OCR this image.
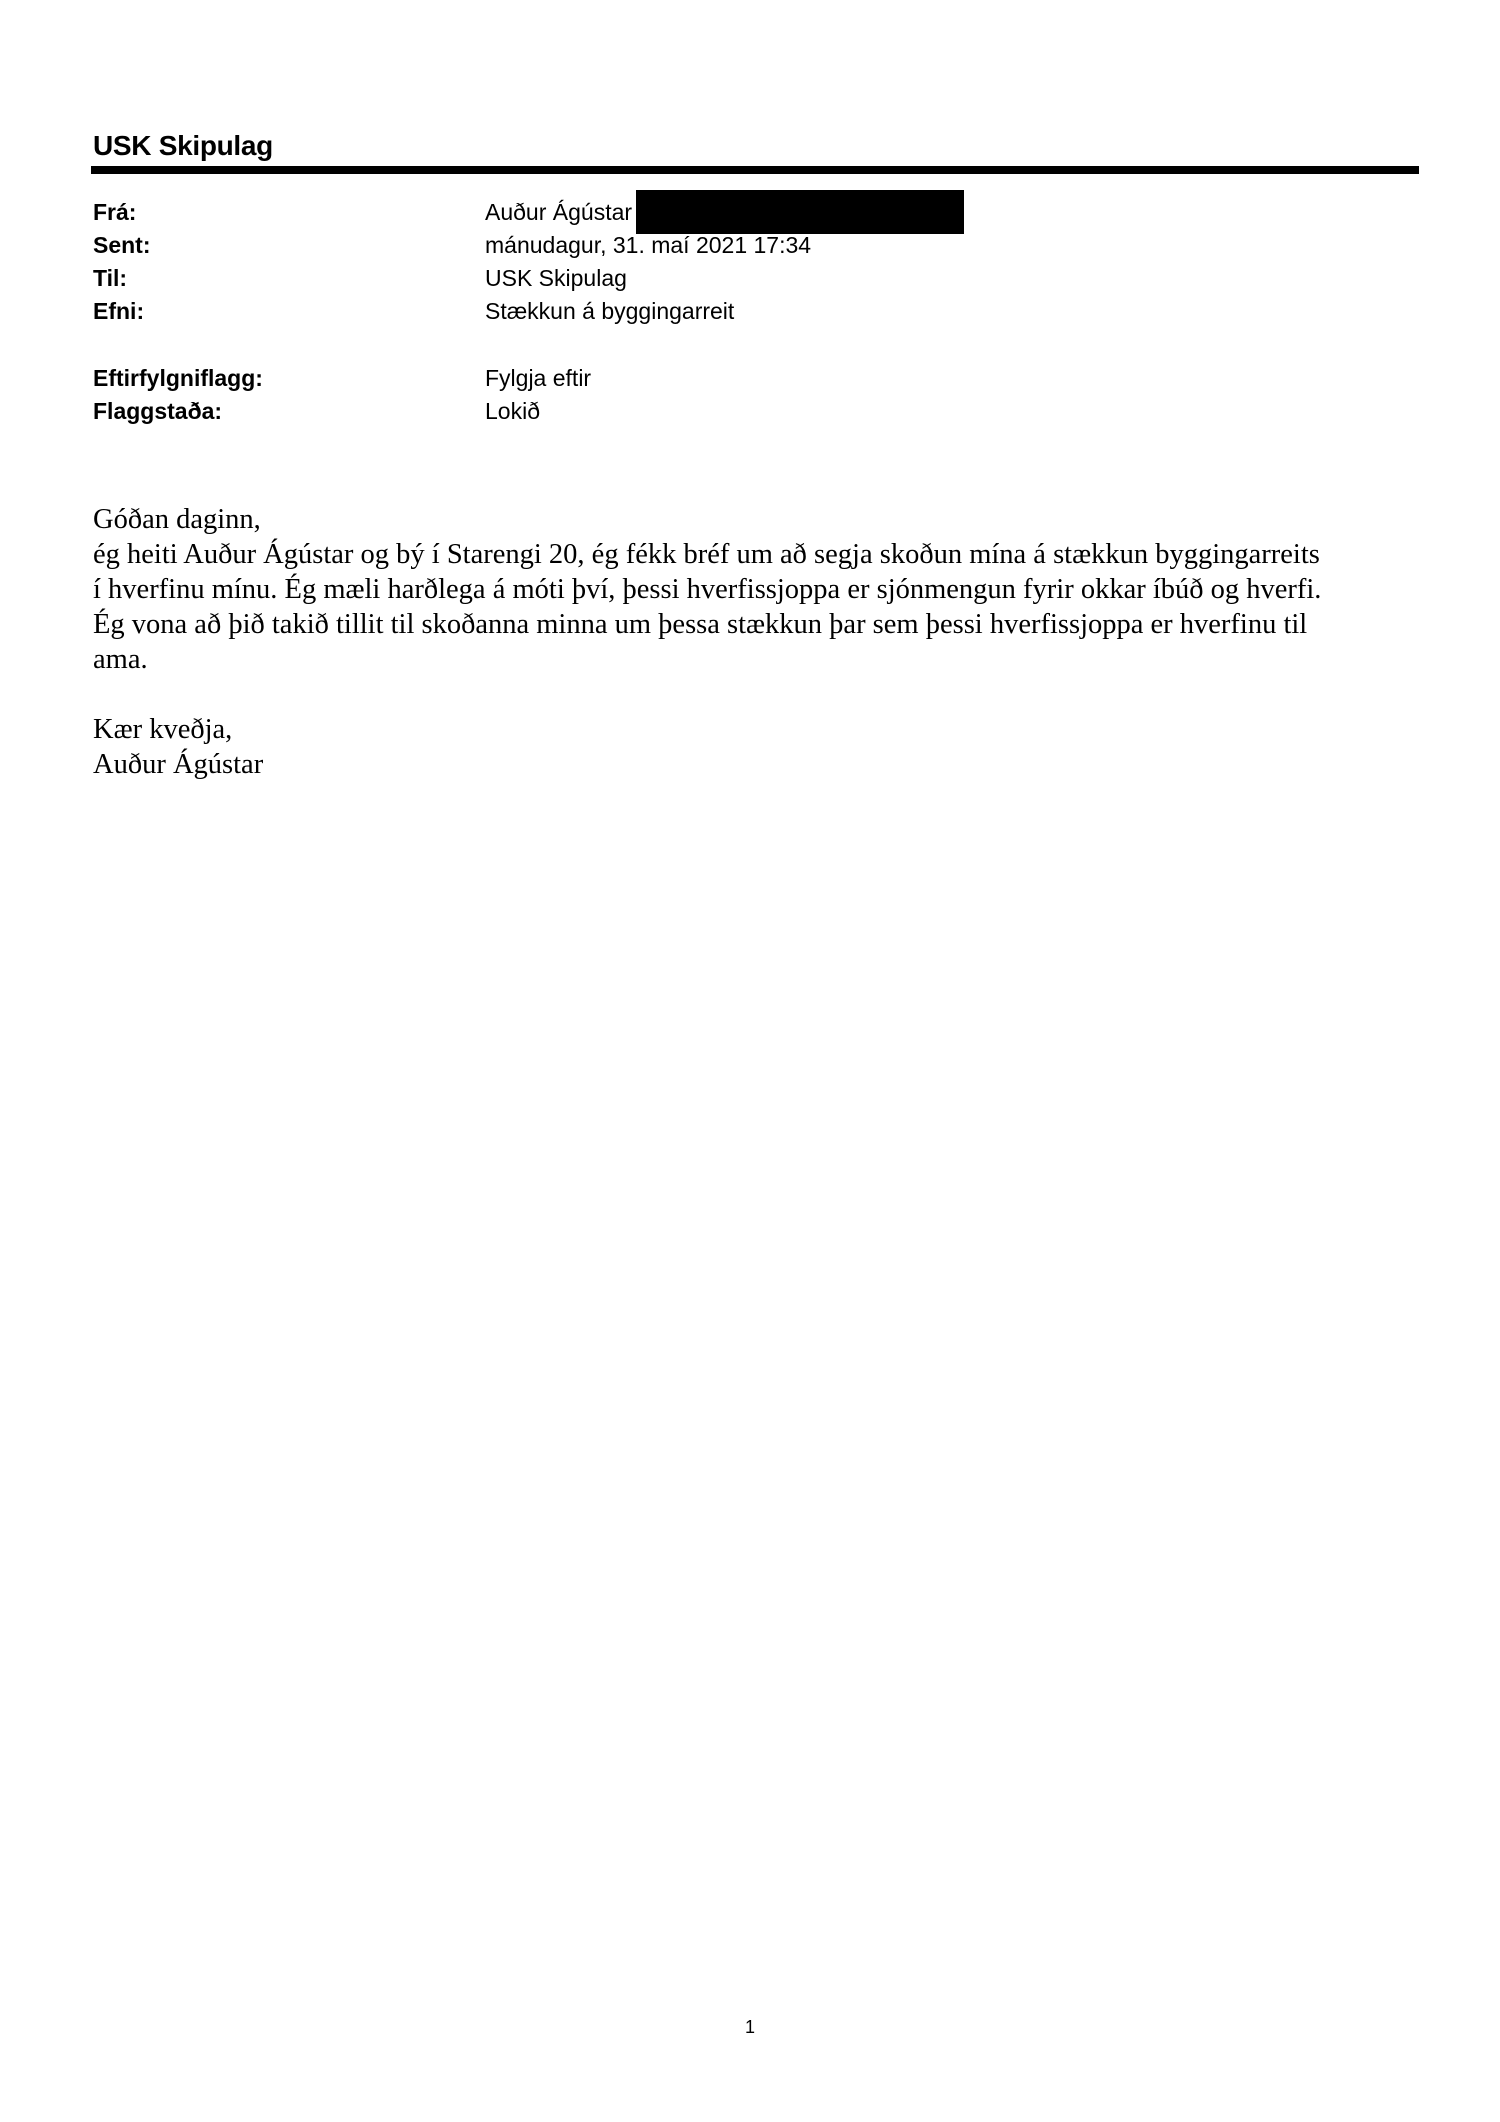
USK Skipulag
Frá:	Auður Ágústar
Sent:	mánudagur, 31. maí 2021 17:34
Til:	USK Skipulag
Efni:	Stækkun á byggingarreit
Eftirfylgniflagg:	Fylgja eftir
Flaggstaða:	Lokið

Góðan daginn,

ég heiti Auður Ágústar og bý í Starengi 20, ég fékk bréf um að segja skoðun mína á stækkun byggingarreits

í hverfinu mínu. Ég mæli harðlega á móti því, þessi hverfissjoppa er sjónmengun fyrir okkar íbúð og hverfi.

Ég vona að þið takið tillit til skoðanna minna um þessa stækkun þar sem þessi hverfissjoppa er hverfinu til

ama.

Kær kveðja,

Auður Ágústar

1
